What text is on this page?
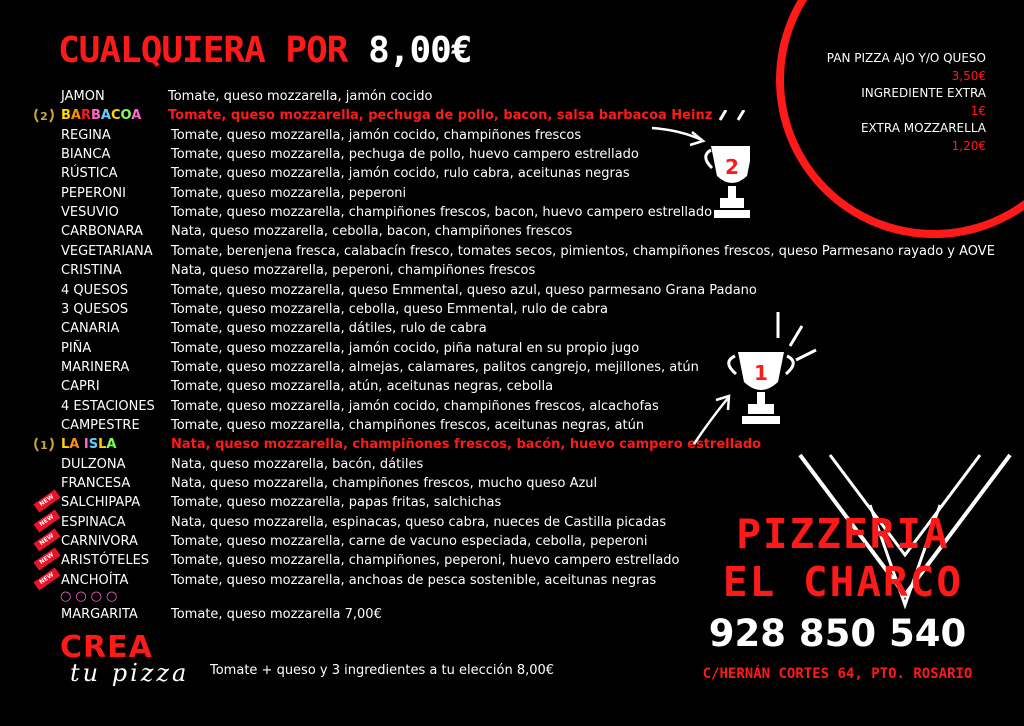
PAN PIZZA AJO Y/O QUESO
3,50€
INGREDIENTE EXTRA
1€
EXTRA MOZZARELLA
1,20€
CUALQUIERA POR 8,00€
JAMON	Tomate, queso mozzarella, jamón cocido
2 BARBACOA Tomate, queso mozzarella, pechuga de pollo, bacon, salsa barbacoa Heinz
REGINA	Tomate, queso mozzarella, jamón cocido, champiñones frescos
BIANCA	Tomate, queso mozzarella, pechuga de pollo, huevo campero estrellado
RÚSTICA	Tomate, queso mozzarella, jamón cocido, rulo cabra, aceitunas negras
PEPERONI	Tomate, queso mozzarella, peperoni
VESUVIO	Tomate, queso mozzarella, champiñones frescos, bacon, huevo campero estrellado
CARBONARA Nata, queso mozzarella, cebolla, bacon, champiñones frescos
VEGETARIANA Tomate, berenjena fresca, calabacín fresco, tomates secos, pimientos, champiñones frescos, queso Parmesano rayado y AOVE
CRISTINA	Nata, queso mozzarella, peperoni, champiñones frescos
4 QUESOS	Tomate, queso mozzarella, queso Emmental, queso azul, queso parmesano Grana Padano
3 QUESOS	Tomate, queso mozzarella, cebolla, queso Emmental, rulo de cabra
CANARIA	Tomate, queso mozzarella, dátiles, rulo de cabra
PIÑA	Tomate, queso mozzarella, jamón cocido, piña natural en su propio jugo
MARINERA	Tomate, queso mozzarella, almejas, calamares, palitos cangrejo, mejillones, atún
CAPRI	Tomate, queso mozzarella, atún, aceitunas negras, cebolla
4 ESTACIONES Tomate, queso mozzarella, jamón cocido, champiñones frescos, alcachofas
CAMPESTRE Tomate, queso mozzarella, champiñones frescos, aceitunas negras, atún
1 LA ISLA	Nata, queso mozzarella, champiñones frescos, bacón, huevo campero estrellado
DULZONA	Nata, queso mozzarella, bacón, dátiles
FRANCESA	Nata, queso mozzarella, champiñones frescos, mucho queso Azul
NEW SALCHIPAPA Tomate, queso mozzarella, papas fritas, salchichas
NEW ESPINACA	Nata, queso mozzarella, espinacas, queso cabra, nueces de Castilla picadas
NEW CARNIVORA	Tomate, queso mozzarella, carne de vacuno especiada, cebolla, peperoni
NEW ARISTÓTELES Tomate, queso mozzarella, champiñones, peperoni, huevo campero estrellado
NEW ANCHOÍTA	Tomate, queso mozzarella, anchoas de pesca sostenible, aceitunas negras
○○○○
MARGARITA	Tomate, queso mozzarella 7,00€
CREA
tu pizza Tomate + queso y 3 ingredientes a tu elección 8,00€
2
1
PIZZERIA
EL CHARCO
928 850 540
C/HERNÁN CORTES 64, PTO. ROSARIO
